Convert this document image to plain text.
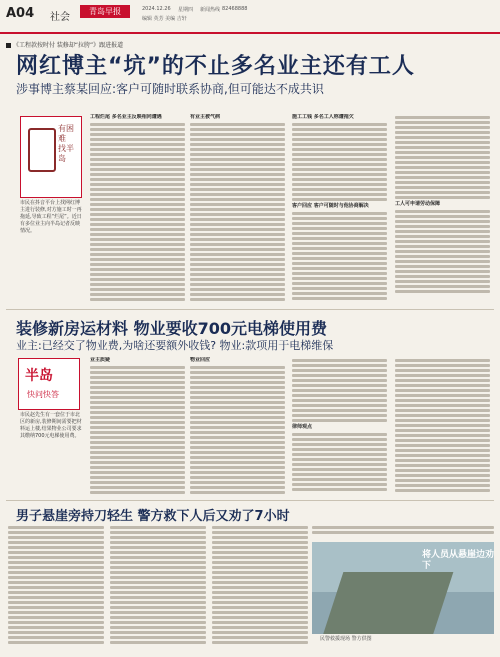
A04 社会
青岛早报	2024.12.26 星期四 新闻热线 82468888
编辑 英芳 美编 吉轩
《工程款按时付 装修却“拉胯”》跟进报道
网红博主“坑”的不止多名业主还有工人
涉事博主蔡某回应:客户可随时联系协商,但可能达不成共识
有困难 找半岛
市民在抖音平台上找网红博主进行装修,对方施工时一再拖延,导致工程“烂尾”。近日有多位业主向半岛记者反映情况。
工程烂尾 多名业主反映相同遭遇	有业主被气病	施工工钱 多名工人称遭拖欠
客户回应 客户可随时与他协商解决	工人可申请劳动保障
装修新房运材料 物业要收700元电梯使用费
业主:已经交了物业费,为啥还要额外收钱? 物业:款项用于电梯维保
半岛
快问快答
市民赵先生有一套位于市北区的新房,装修期间需要把材料运上楼,结果物业公司要求其缴纳700元电梯使用费。
业主质疑	物业回应
律师观点
男子悬崖旁持刀轻生 警方救下人后又劝了7小时
将人员从悬崖边劝下
民警救援现场 警方供图
